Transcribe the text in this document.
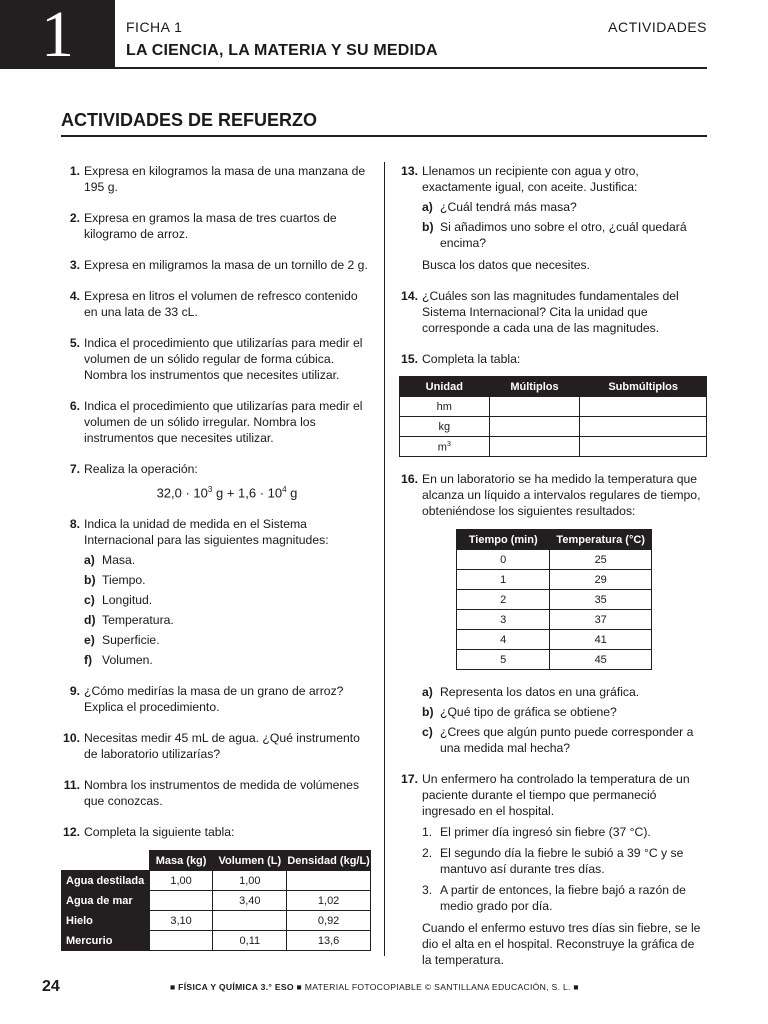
1	FICHA 1	ACTIVIDADES
LA CIENCIA, LA MATERIA Y SU MEDIDA
ACTIVIDADES DE REFUERZO
1. Expresa en kilogramos la masa de una manzana de 195 g.
2. Expresa en gramos la masa de tres cuartos de kilogramo de arroz.
3. Expresa en miligramos la masa de un tornillo de 2 g.
4. Expresa en litros el volumen de refresco contenido en una lata de 33 cL.
5. Indica el procedimiento que utilizarías para medir el volumen de un sólido regular de forma cúbica. Nombra los instrumentos que necesites utilizar.
6. Indica el procedimiento que utilizarías para medir el volumen de un sólido irregular. Nombra los instrumentos que necesites utilizar.
7. Realiza la operación:
$32,0 \cdot 10^3$ $g + 1,6 \cdot 10^4$ g
8. Indica la unidad de medida en el Sistema Internacional para las siguientes magnitudes:
a) Masa.
b) Tiempo.
c) Longitud.
d) Temperatura.
e) Superficie.
f) Volumen.
9. ¿Cómo medirías la masa de un grano de arroz? Explica el procedimiento.
10. Necesitas medir 45 mL de agua. ¿Qué instrumento de laboratorio utilizarías?
11. Nombra los instrumentos de medida de volúmenes que conozcas.
12. Completa la siguiente tabla:
	Masa (kg)	Volumen (L)	Densidad (kg/L)
Agua destilada	1,00	1,00	
Agua de mar		3,40	1,02
Hielo	3,10		0,92
Mercurio		0,11	13,6
13. Llenamos un recipiente con agua y otro, exactamente igual, con aceite. Justifica:
a) ¿Cuál tendrá más masa?
b) Si añadimos uno sobre el otro, ¿cuál quedará encima?
Busca los datos que necesites.
14. ¿Cuáles son las magnitudes fundamentales del Sistema Internacional? Cita la unidad que corresponde a cada una de las magnitudes.
15. Completa la tabla:
Unidad	Múltiplos	Submúltiplos
hm		
kg		
$m^3$		
16. En un laboratorio se ha medido la temperatura que alcanza un líquido a intervalos regulares de tiempo, obteniéndose los siguientes resultados:
Tiempo (min)	Temperatura (°C)
0	25
1	29
2	35
3	37
4	41
5	45
a) Representa los datos en una gráfica.
b) ¿Qué tipo de gráfica se obtiene?
c) ¿Crees que algún punto puede corresponder a una medida mal hecha?
17. Un enfermero ha controlado la temperatura de un paciente durante el tiempo que permaneció ingresado en el hospital.
1. El primer día ingresó sin fiebre (37 °C).
2. El segundo día la fiebre le subió a 39 °C y se mantuvo así durante tres días.
3. A partir de entonces, la fiebre bajó a razón de medio grado por día.
Cuando el enfermo estuvo tres días sin fiebre, se le dio el alta en el hospital. Reconstruye la gráfica de la temperatura.
24	■ FÍSICA Y QUÍMICA 3.° ESO ■ MATERIAL FOTOCOPIABLE © SANTILLANA EDUCACIÓN, S. L. ■
